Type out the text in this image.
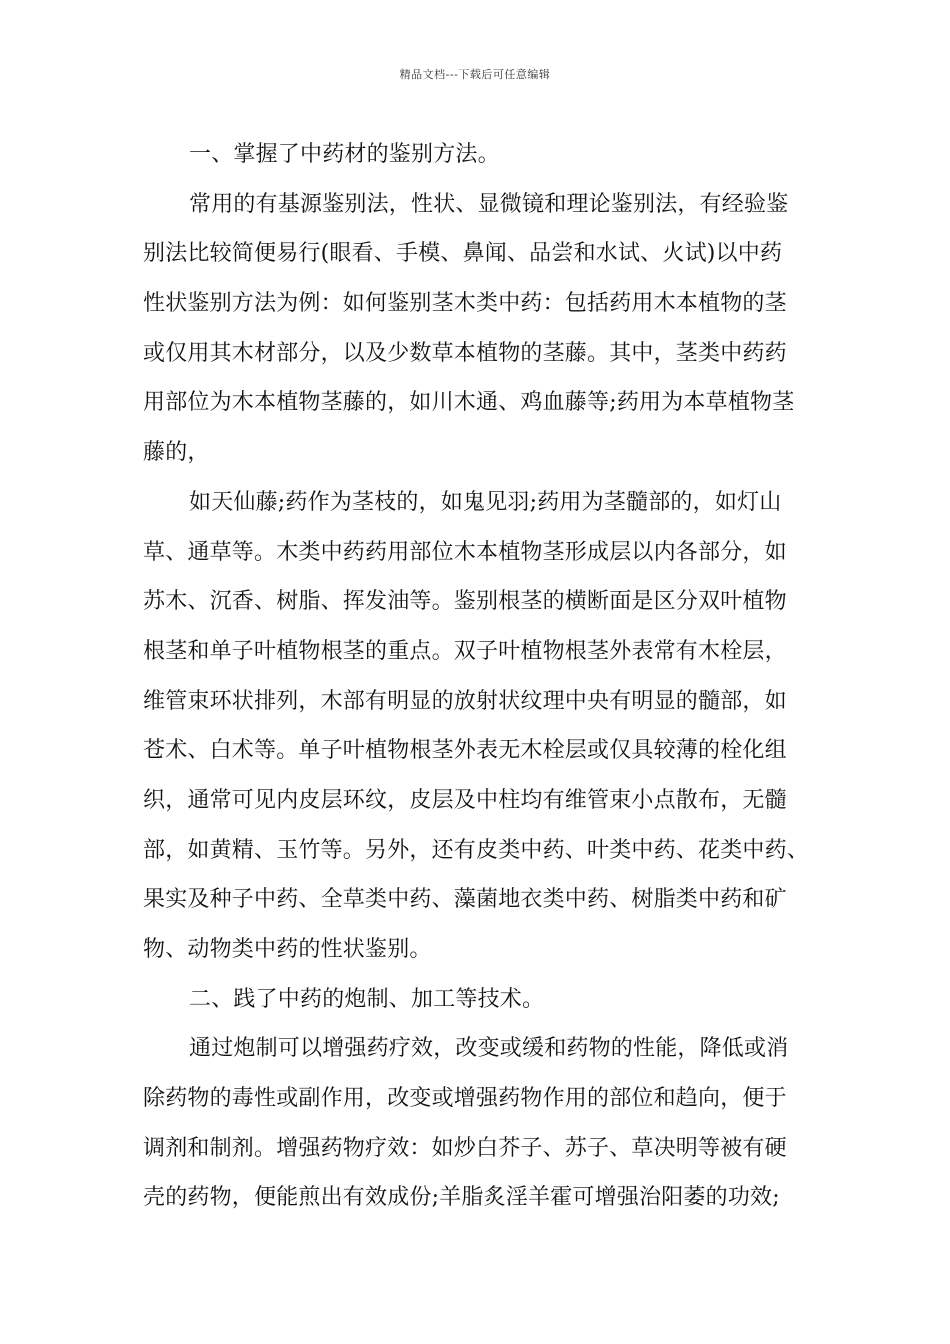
精品文档---下载后可任意编辑
一、掌握了中药材的鉴别方法。
常用的有基源鉴别法，性状、显微镜和理论鉴别法，有经验鉴
别法比较简便易行(眼看、手模、鼻闻、品尝和水试、火试)以中药
性状鉴别方法为例：如何鉴别茎木类中药：包括药用木本植物的茎
或仅用其木材部分，以及少数草本植物的茎藤。其中，茎类中药药
用部位为木本植物茎藤的，如川木通、鸡血藤等;药用为本草植物茎
藤的，
如天仙藤;药作为茎枝的，如鬼见羽;药用为茎髓部的，如灯山
草、通草等。木类中药药用部位木本植物茎形成层以内各部分，如
苏木、沉香、树脂、挥发油等。鉴别根茎的横断面是区分双叶植物
根茎和单子叶植物根茎的重点。双子叶植物根茎外表常有木栓层，
维管束环状排列，木部有明显的放射状纹理中央有明显的髓部，如
苍术、白术等。单子叶植物根茎外表无木栓层或仅具较薄的栓化组
织，通常可见内皮层环纹，皮层及中柱均有维管束小点散布，无髓
部，如黄精、玉竹等。另外，还有皮类中药、叶类中药、花类中药、
果实及种子中药、全草类中药、藻菌地衣类中药、树脂类中药和矿
物、动物类中药的性状鉴别。
二、践了中药的炮制、加工等技术。
通过炮制可以增强药疗效，改变或缓和药物的性能，降低或消
除药物的毒性或副作用，改变或增强药物作用的部位和趋向，便于
调剂和制剂。增强药物疗效：如炒白芥子、苏子、草决明等被有硬
壳的药物，便能煎出有效成份;羊脂炙淫羊霍可增强治阳萎的功效;
